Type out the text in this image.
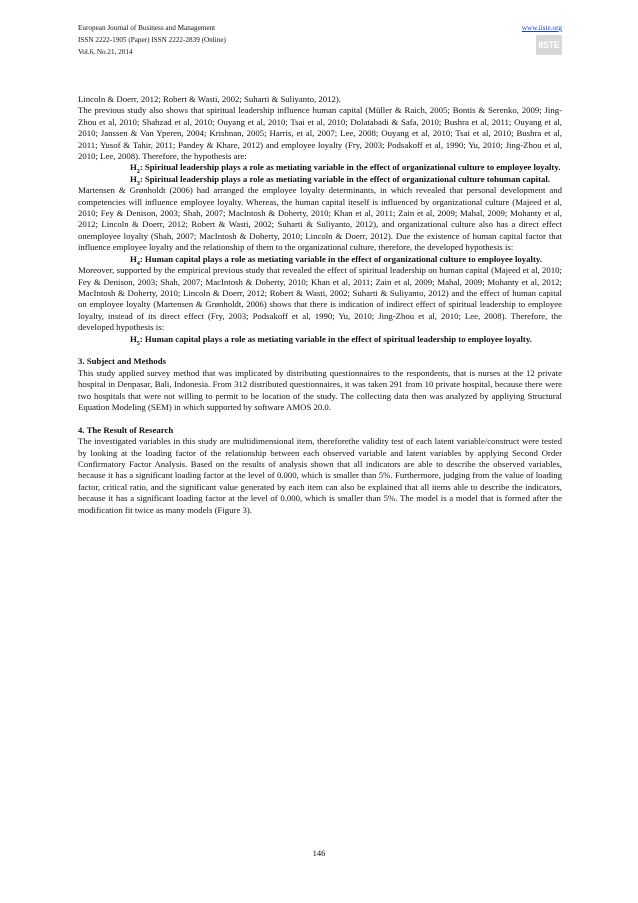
European Journal of Business and Management	www.iiste.org
ISSN 2222-1905 (Paper) ISSN 2222-2839 (Online)
Vol.6, No.21, 2014
IISTE

Lincoln & Doerr, 2012; Robert & Wasti, 2002; Suharti & Suliyanto, 2012).

The previous study also shows that spiritual leadership influence human capital (Müller & Raich, 2005; Bontis & Serenko, 2009; Jing-Zhou et al, 2010; Shahzad et al, 2010; Ouyang et al, 2010; Tsai et al, 2010; Dolatabadi & Safa, 2010; Bushra et al, 2011; Ouyang et al, 2010; Janssen & Van Yperen, 2004; Krishnan, 2005; Harris, et al, 2007; Lee, 2008; Ouyang et al, 2010; Tsai et al, 2010; Bushra et al, 2011; Yusof & Tahir, 2011; Pandey & Khare, 2012) and employee loyalty (Fry, 2003; Podsakoff et al, 1990; Yu, 2010; Jing-Zhou et al, 2010; Lee, 2008). Therefore, the hypothesis are:

$H_2$: Spiritual leadership plays a role as metiating variable in the effect of organizational culture to employee loyalty.

$H_3$: Spiritual leadership plays a role as metiating variable in the effect of organizational culture tohuman capital.

Martensen & Grønholdt (2006) had arranged the employee loyalty determinants, in which revealed that personal development and competencies will influence employee loyalty. Whereas, the human capital iteself is influenced by organizational culture (Majeed et al, 2010; Fey & Denison, 2003; Shah, 2007; MacIntosh & Doherty, 2010; Khan et al, 2011; Zain et al, 2009; Mahal, 2009; Mohanty et al, 2012; Lincoln & Doerr, 2012; Robert & Wasti, 2002; Suharti & Suliyanto, 2012), and organizational culture also has a direct effect onemployee loyalty (Shah, 2007; MacIntosh & Doherty, 2010; Lincoln & Doerr, 2012). Due the existence of human capital factor that influence employee loyalty and the relationship of them to the organizational culture, therefore, the developed hypothesis is:

$H_4$: Human capital plays a role as metiating variable in the effect of organizational culture to employee loyalty.

Moreover, supported by the empirical previous study that revealed the effect of spiritual leadership on human capital (Majeed et al, 2010; Fey & Denison, 2003; Shah, 2007; MacIntosh & Doherty, 2010; Khan et al, 2011; Zain et al, 2009; Mahal, 2009; Mohanty et al, 2012; MacIntosh & Doherty, 2010; Lincoln & Doerr, 2012; Robert & Wasti, 2002; Suharti & Suliyanto, 2012) and the effect of human capital on employee loyalty (Martensen & Grønholdt, 2006) shows that there is indication of indirect effect of spiritual leadership to employee loyalty, instead of its direct effect (Fry, 2003; Podsakoff et al, 1990; Yu, 2010; Jing-Zhou et al, 2010; Lee, 2008). Therefore, the developed hypothesis is:

$H_5$: Human capital plays a role as metiating variable in the effect of spiritual leadership to employee loyalty.

3. Subject and Methods

This study applied survey method that was implicated by distributing questionnaires to the respondents, that is nurses at the 12 private hospital in Denpasar, Bali, Indonesia. From 312 distributed questionnaires, it was taken 291 from 10 private hospital, because there were two hospitals that were not willing to permit to be location of the study. The collecting data then was analyzed by appliying Structural Equation Modeling (SEM) in which supported by software AMOS 20.0.

4. The Result of Research

The investigated variables in this study are multidimensional item, thereforethe validity test of each latent variable/construct were tested by looking at the loading factor of the relationship between each observed variable and latent variables by applying Second Order Confirmatory Factor Analysis. Based on the results of analysis shown that all indicators are able to describe the observed variables, because it has a significant loading factor at the level of 0.000, which is smaller than 5%. Furthermore, judging from the value of loading factor, critical ratio, and the significant value generated by each item can also be explained that all items able to describe the indicators, because it has a significant loading factor at the level of 0.000, which is smaller than 5%. The model is a model that is formed after the modification fit twice as many models (Figure 3).

146
